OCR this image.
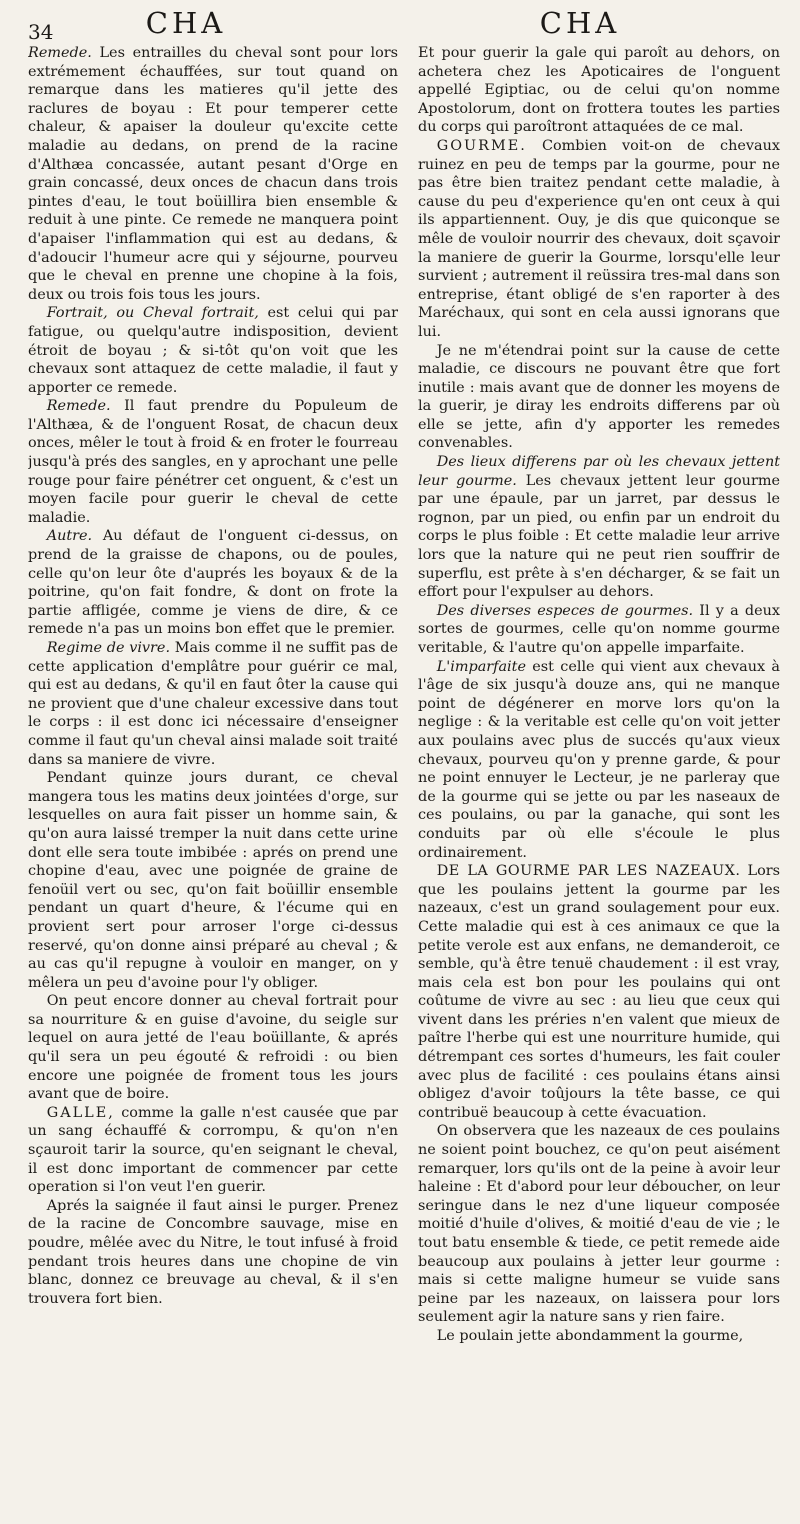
34	CHA	CHA

Remede. Les entrailles du cheval sont pour lors extrémement échauffées, sur tout quand on remarque dans les matieres qu'il jette des raclures de boyau : Et pour temperer cette chaleur, & apaiser la douleur qu'excite cette maladie au dedans, on prend de la racine d'Althæa concassée, autant pesant d'Orge en grain concassé, deux onces de chacun dans trois pintes d'eau, le tout boüillira bien ensemble & reduit à une pinte. Ce remede ne manquera point d'apaiser l'inflammation qui est au dedans, & d'adoucir l'humeur acre qui y séjourne, pourveu que le cheval en prenne une chopine à la fois, deux ou trois fois tous les jours.

Fortrait, ou Cheval fortrait, est celui qui par fatigue, ou quelqu'autre indisposition, devient étroit de boyau ; & si-tôt qu'on voit que les chevaux sont attaquez de cette maladie, il faut y apporter ce remede.

Remede. Il faut prendre du Populeum de l'Althæa, & de l'onguent Rosat, de chacun deux onces, mêler le tout à froid & en froter le fourreau jusqu'à prés des sangles, en y aprochant une pelle rouge pour faire pénétrer cet onguent, & c'est un moyen facile pour guerir le cheval de cette maladie.

Autre. Au défaut de l'onguent ci-dessus, on prend de la graisse de chapons, ou de poules, celle qu'on leur ôte d'auprés les boyaux & de la poitrine, qu'on fait fondre, & dont on frote la partie affligée, comme je viens de dire, & ce remede n'a pas un moins bon effet que le premier.

Regime de vivre. Mais comme il ne suffit pas de cette application d'emplâtre pour guérir ce mal, qui est au dedans, & qu'il en faut ôter la cause qui ne provient que d'une chaleur excessive dans tout le corps : il est donc ici nécessaire d'enseigner comme il faut qu'un cheval ainsi malade soit traité dans sa maniere de vivre.

Pendant quinze jours durant, ce cheval mangera tous les matins deux jointées d'orge, sur lesquelles on aura fait pisser un homme sain, & qu'on aura laissé tremper la nuit dans cette urine dont elle sera toute imbibée : aprés on prend une chopine d'eau, avec une poignée de graine de fenoüil vert ou sec, qu'on fait boüillir ensemble pendant un quart d'heure, & l'écume qui en provient sert pour arroser l'orge ci-dessus reservé, qu'on donne ainsi préparé au cheval ; & au cas qu'il repugne à vouloir en manger, on y mêlera un peu d'avoine pour l'y obliger.

On peut encore donner au cheval fortrait pour sa nourriture & en guise d'avoine, du seigle sur lequel on aura jetté de l'eau boüillante, & aprés qu'il sera un peu égouté & refroidi : ou bien encore une poignée de froment tous les jours avant que de boire.

GALLE, comme la galle n'est causée que par un sang échauffé & corrompu, & qu'on n'en sçauroit tarir la source, qu'en seignant le cheval, il est donc important de commencer par cette operation si l'on veut l'en guerir.

Aprés la saignée il faut ainsi le purger. Prenez de la racine de Concombre sauvage, mise en poudre, mêlée avec du Nitre, le tout infusé à froid pendant trois heures dans une chopine de vin blanc, donnez ce breuvage au cheval, & il s'en trouvera fort bien.

Et pour guerir la gale qui paroît au dehors, on achetera chez les Apoticaires de l'onguent appellé Egiptiac, ou de celui qu'on nomme Apostolorum, dont on frottera toutes les parties du corps qui paroîtront attaquées de ce mal.

GOURME. Combien voit-on de chevaux ruinez en peu de temps par la gourme, pour ne pas être bien traitez pendant cette maladie, à cause du peu d'experience qu'en ont ceux à qui ils appartiennent. Ouy, je dis que quiconque se mêle de vouloir nourrir des chevaux, doit sçavoir la maniere de guerir la Gourme, lorsqu'elle leur survient ; autrement il reüssira tres-mal dans son entreprise, étant obligé de s'en raporter à des Maréchaux, qui sont en cela aussi ignorans que lui.

Je ne m'étendrai point sur la cause de cette maladie, ce discours ne pouvant être que fort inutile : mais avant que de donner les moyens de la guerir, je diray les endroits differens par où elle se jette, afin d'y apporter les remedes convenables.

Des lieux differens par où les chevaux jettent leur gourme. Les chevaux jettent leur gourme par une épaule, par un jarret, par dessus le rognon, par un pied, ou enfin par un endroit du corps le plus foible : Et cette maladie leur arrive lors que la nature qui ne peut rien souffrir de superflu, est prête à s'en décharger, & se fait un effort pour l'expulser au dehors.

Des diverses especes de gourmes. Il y a deux sortes de gourmes, celle qu'on nomme gourme veritable, & l'autre qu'on appelle imparfaite.

L'imparfaite est celle qui vient aux chevaux à l'âge de six jusqu'à douze ans, qui ne manque point de dégénerer en morve lors qu'on la neglige : & la veritable est celle qu'on voit jetter aux poulains avec plus de succés qu'aux vieux chevaux, pourveu qu'on y prenne garde, & pour ne point ennuyer le Lecteur, je ne parleray que de la gourme qui se jette ou par les naseaux de ces poulains, ou par la ganache, qui sont les conduits par où elle s'écoule le plus ordinairement.

DE LA GOURME PAR LES NAZEAUX. Lors que les poulains jettent la gourme par les nazeaux, c'est un grand soulagement pour eux. Cette maladie qui est à ces animaux ce que la petite verole est aux enfans, ne demanderoit, ce semble, qu'à être tenuë chaudement : il est vray, mais cela est bon pour les poulains qui ont coûtume de vivre au sec : au lieu que ceux qui vivent dans les préries n'en valent que mieux de paître l'herbe qui est une nourriture humide, qui détrempant ces sortes d'humeurs, les fait couler avec plus de facilité : ces poulains étans ainsi obligez d'avoir toûjours la tête basse, ce qui contribuë beaucoup à cette évacuation.

On observera que les nazeaux de ces poulains ne soient point bouchez, ce qu'on peut aisément remarquer, lors qu'ils ont de la peine à avoir leur haleine : Et d'abord pour leur déboucher, on leur seringue dans le nez d'une liqueur composée moitié d'huile d'olives, & moitié d'eau de vie ; le tout batu ensemble & tiede, ce petit remede aide beaucoup aux poulains à jetter leur gourme : mais si cette maligne humeur se vuide sans peine par les nazeaux, on laissera pour lors seulement agir la nature sans y rien faire.

Le poulain jette abondamment la gourme,
